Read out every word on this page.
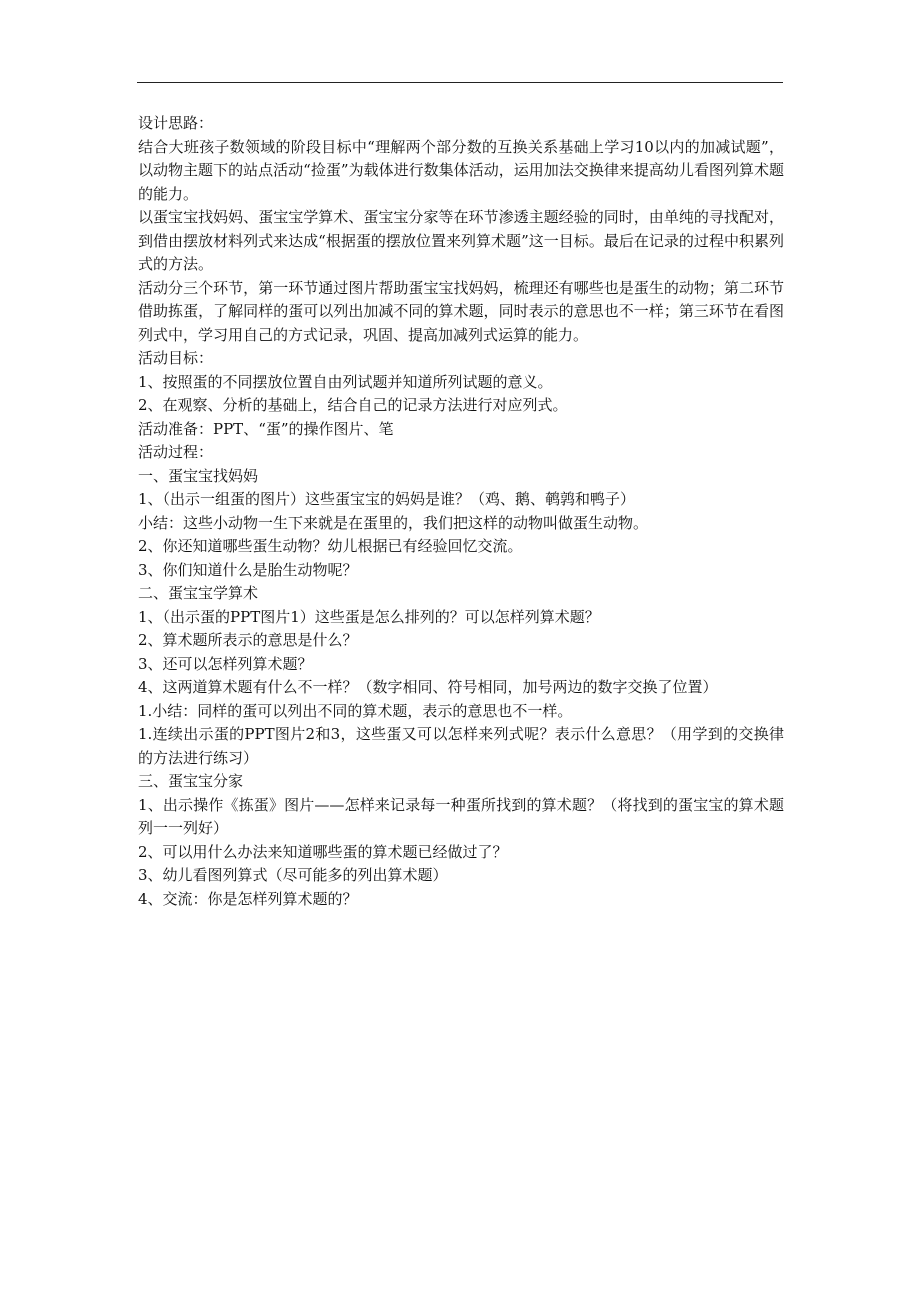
设计思路：

结合大班孩子数领域的阶段目标中“理解两个部分数的互换关系基础上学习10以内的加减试题”，以动物主题下的站点活动“捡蛋”为载体进行数集体活动，运用加法交换律来提高幼儿看图列算术题的能力。

以蛋宝宝找妈妈、蛋宝宝学算术、蛋宝宝分家等在环节渗透主题经验的同时，由单纯的寻找配对，到借由摆放材料列式来达成“根据蛋的摆放位置来列算术题”这一目标。最后在记录的过程中积累列式的方法。

活动分三个环节，第一环节通过图片帮助蛋宝宝找妈妈，梳理还有哪些也是蛋生的动物；第二环节借助拣蛋，了解同样的蛋可以列出加减不同的算术题，同时表示的意思也不一样；第三环节在看图列式中，学习用自己的方式记录，巩固、提高加减列式运算的能力。

活动目标：

1、按照蛋的不同摆放位置自由列试题并知道所列试题的意义。

2、在观察、分析的基础上，结合自己的记录方法进行对应列式。

活动准备：PPT、“蛋”的操作图片、笔

活动过程：

一、蛋宝宝找妈妈

1、（出示一组蛋的图片）这些蛋宝宝的妈妈是谁？（鸡、鹅、鹌鹑和鸭子）

小结：这些小动物一生下来就是在蛋里的，我们把这样的动物叫做蛋生动物。

2、你还知道哪些蛋生动物？幼儿根据已有经验回忆交流。

3、你们知道什么是胎生动物呢？

二、蛋宝宝学算术

1、（出示蛋的PPT图片1）这些蛋是怎么排列的？可以怎样列算术题？

2、算术题所表示的意思是什么？

3、还可以怎样列算术题？

4、这两道算术题有什么不一样？（数字相同、符号相同，加号两边的数字交换了位置）

1.小结：同样的蛋可以列出不同的算术题，表示的意思也不一样。

1.连续出示蛋的PPT图片2和3，这些蛋又可以怎样来列式呢？表示什么意思？（用学到的交换律的方法进行练习）

三、蛋宝宝分家

1、出示操作《拣蛋》图片——怎样来记录每一种蛋所找到的算术题？（将找到的蛋宝宝的算术题列一一列好）

2、可以用什么办法来知道哪些蛋的算术题已经做过了？

3、幼儿看图列算式（尽可能多的列出算术题）

4、交流：你是怎样列算术题的？
